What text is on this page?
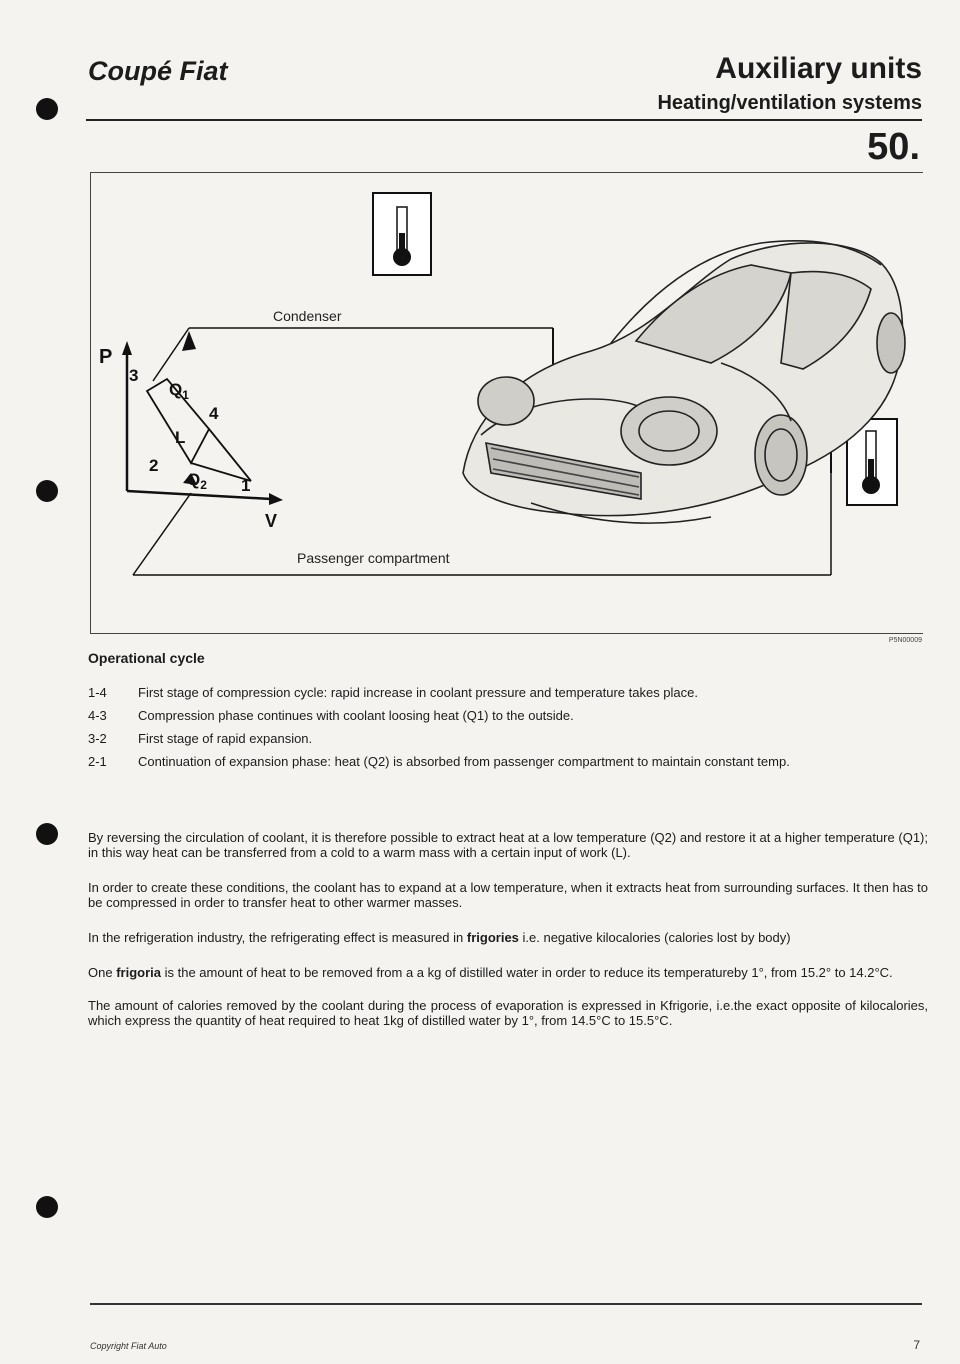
Coupé Fiat	Auxiliary units
Heating/ventilation systems
50.
Condenser
Passenger compartment
P
V
3
4
2
1
$Q_1$
$Q_2$
L
P5N00009
Operational cycle
1-4 First stage of compression cycle: rapid increase in coolant pressure and temperature takes place.
4-3 Compression phase continues with coolant loosing heat (Q1) to the outside.
3-2 First stage of rapid expansion.
2-1 Continuation of expansion phase: heat (Q2) is absorbed from passenger compartment to maintain constant temp.
By reversing the circulation of coolant, it is therefore possible to extract heat at a low temperature (Q2) and restore it at a higher temperature (Q1); in this way heat can be transferred from a cold to a warm mass with a certain input of work (L).
In order to create these conditions, the coolant has to expand at a low temperature, when it extracts heat from surrounding surfaces. It then has to be compressed in order to transfer heat to other warmer masses.
In the refrigeration industry, the refrigerating effect is measured in frigories i.e. negative kilocalories (calories lost by body)
One frigoria is the amount of heat to be removed from a a kg of distilled water in order to reduce its temperatureby 1°, from 15.2° to 14.2°C.
The amount of calories removed by the coolant during the process of evaporation is expressed in Kfrigorie, i.e.the exact opposite of kilocalories, which express the quantity of heat required to heat 1kg of distilled water by 1°, from 14.5°C to 15.5°C.
Copyright Fiat Auto	7
